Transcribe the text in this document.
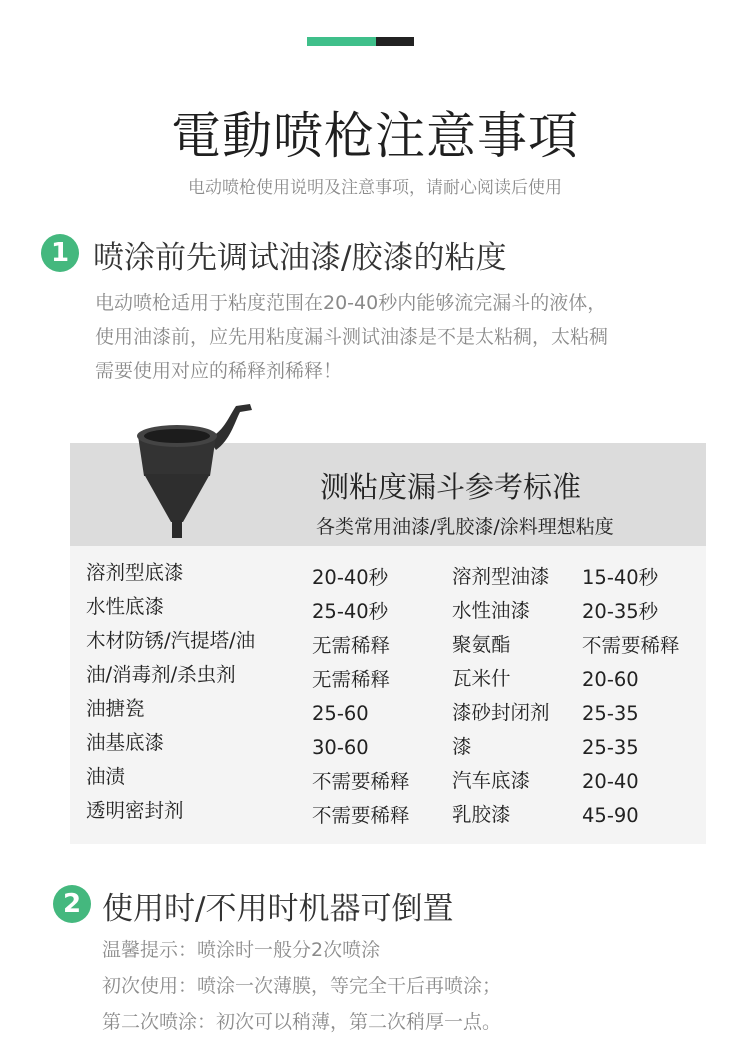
電動喷枪注意事項
电动喷枪使用说明及注意事项，请耐心阅读后使用
1 喷涂前先调试油漆/胶漆的粘度
电动喷枪适用于粘度范围在20-40秒内能够流完漏斗的液体，
使用油漆前，应先用粘度漏斗测试油漆是不是太粘稠，太粘稠
需要使用对应的稀释剂稀释！
测粘度漏斗参考标准
各类常用油漆/乳胶漆/涂料理想粘度
溶剂型底漆
水性底漆
木材防锈/汽提塔/油
油/消毒剂/杀虫剂
油搪瓷
油基底漆
油渍
透明密封剂
20-40秒
25-40秒
无需稀释
无需稀释
25-60
30-60
不需要稀释
不需要稀释
溶剂型油漆
水性油漆
聚氨酯
瓦米什
漆砂封闭剂
漆
汽车底漆
乳胶漆
15-40秒
20-35秒
不需要稀释
20-60
25-35
25-35
20-40
45-90
2 使用时/不用时机器可倒置
温馨提示：喷涂时一般分2次喷涂
初次使用：喷涂一次薄膜，等完全干后再喷涂；
第二次喷涂：初次可以稍薄，第二次稍厚一点。
